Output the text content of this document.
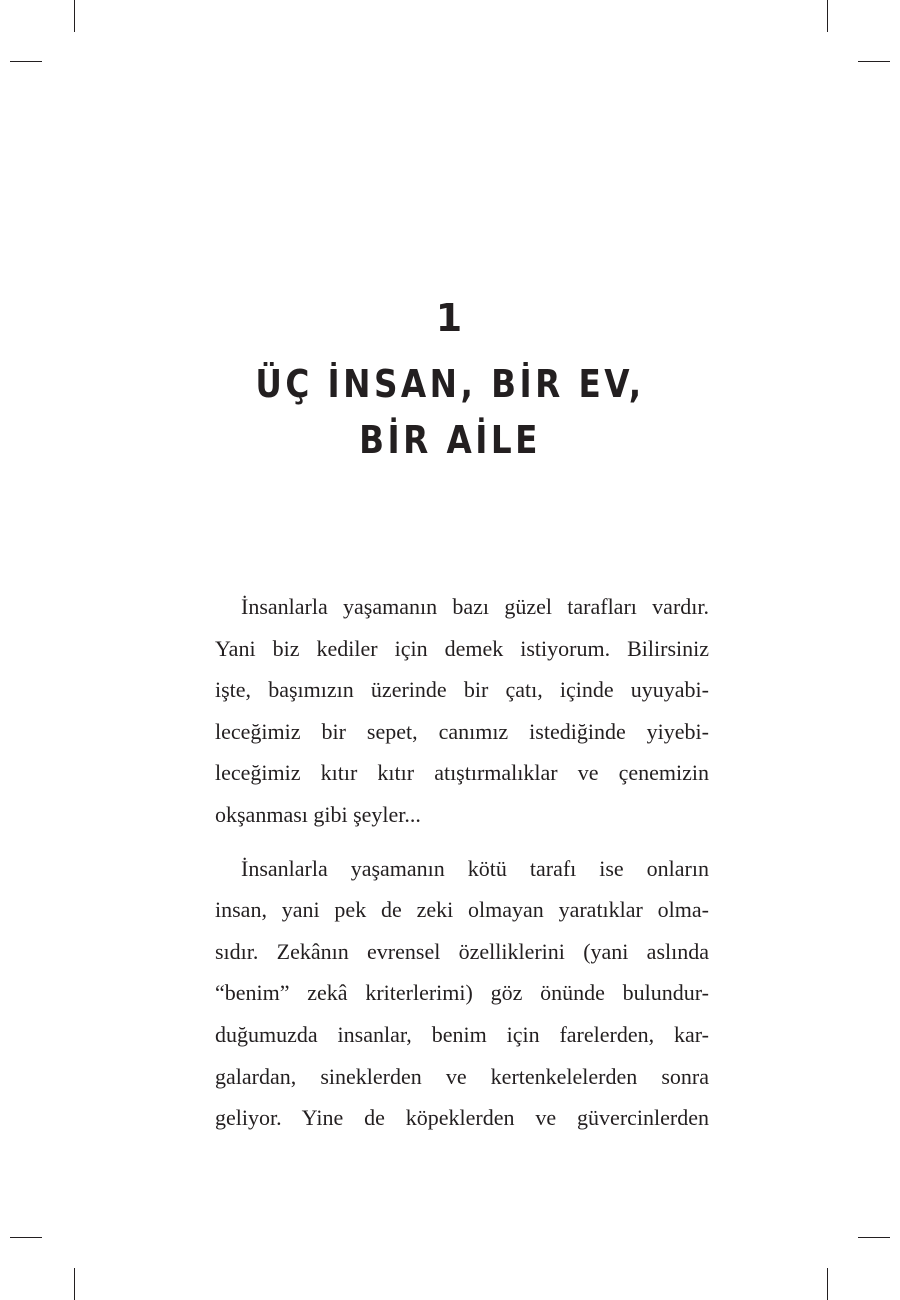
1
ÜÇ İNSAN, BİR EV,
BİR AİLE
İnsanlarla yaşamanın bazı güzel tarafları vardır.
Yani biz kediler için demek istiyorum. Bilirsiniz
işte, başımızın üzerinde bir çatı, içinde uyuyabi-
leceğimiz bir sepet, canımız istediğinde yiyebi-
leceğimiz kıtır kıtır atıştırmalıklar ve çenemizin
okşanması gibi şeyler...
İnsanlarla yaşamanın kötü tarafı ise onların
insan, yani pek de zeki olmayan yaratıklar olma-
sıdır. Zekânın evrensel özelliklerini (yani aslında
“benim” zekâ kriterlerimi) göz önünde bulundur-
duğumuzda insanlar, benim için farelerden, kar-
galardan, sineklerden ve kertenkelelerden sonra
geliyor. Yine de köpeklerden ve güvercinlerden
